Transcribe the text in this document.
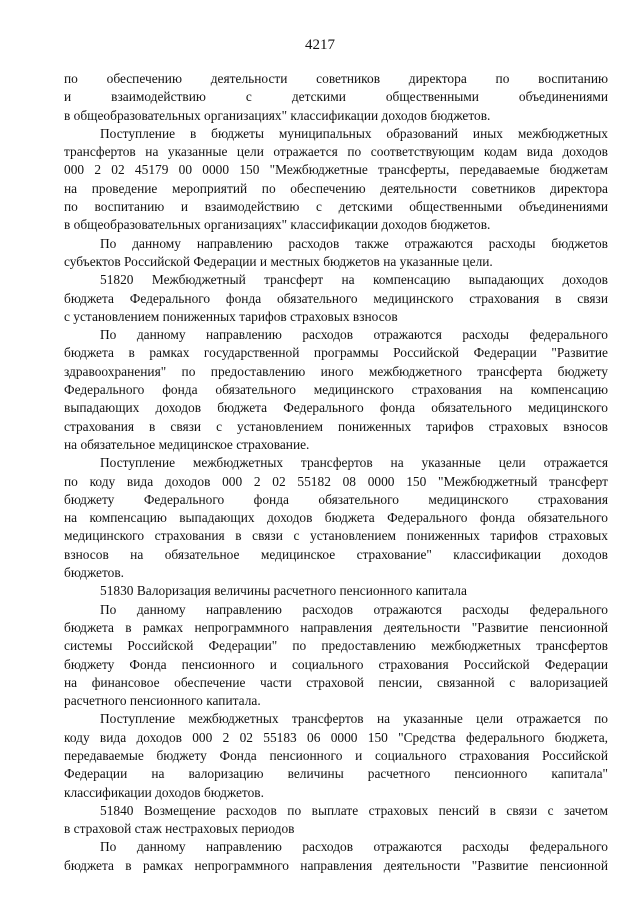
4217
по обеспечению деятельности советников директора по воспитанию
и взаимодействию с детскими общественными объединениями
в общеобразовательных организациях" классификации доходов бюджетов.
Поступление в бюджеты муниципальных образований иных межбюджетных
трансфертов на указанные цели отражается по соответствующим кодам вида доходов
000 2 02 45179 00 0000 150 "Межбюджетные трансферты, передаваемые бюджетам
на проведение мероприятий по обеспечению деятельности советников директора
по воспитанию и взаимодействию с детскими общественными объединениями
в общеобразовательных организациях" классификации доходов бюджетов.
По данному направлению расходов также отражаются расходы бюджетов
субъектов Российской Федерации и местных бюджетов на указанные цели.
51820 Межбюджетный трансферт на компенсацию выпадающих доходов
бюджета Федерального фонда обязательного медицинского страхования в связи
с установлением пониженных тарифов страховых взносов
По данному направлению расходов отражаются расходы федерального
бюджета в рамках государственной программы Российской Федерации "Развитие
здравоохранения" по предоставлению иного межбюджетного трансферта бюджету
Федерального фонда обязательного медицинского страхования на компенсацию
выпадающих доходов бюджета Федерального фонда обязательного медицинского
страхования в связи с установлением пониженных тарифов страховых взносов
на обязательное медицинское страхование.
Поступление межбюджетных трансфертов на указанные цели отражается
по коду вида доходов 000 2 02 55182 08 0000 150 "Межбюджетный трансферт
бюджету Федерального фонда обязательного медицинского страхования
на компенсацию выпадающих доходов бюджета Федерального фонда обязательного
медицинского страхования в связи с установлением пониженных тарифов страховых
взносов на обязательное медицинское страхование" классификации доходов
бюджетов.
51830 Валоризация величины расчетного пенсионного капитала
По данному направлению расходов отражаются расходы федерального
бюджета в рамках непрограммного направления деятельности "Развитие пенсионной
системы Российской Федерации" по предоставлению межбюджетных трансфертов
бюджету Фонда пенсионного и социального страхования Российской Федерации
на финансовое обеспечение части страховой пенсии, связанной с валоризацией
расчетного пенсионного капитала.
Поступление межбюджетных трансфертов на указанные цели отражается по
коду вида доходов 000 2 02 55183 06 0000 150 "Средства федерального бюджета,
передаваемые бюджету Фонда пенсионного и социального страхования Российской
Федерации на валоризацию величины расчетного пенсионного капитала"
классификации доходов бюджетов.
51840 Возмещение расходов по выплате страховых пенсий в связи с зачетом
в страховой стаж нестраховых периодов
По данному направлению расходов отражаются расходы федерального
бюджета в рамках непрограммного направления деятельности "Развитие пенсионной
